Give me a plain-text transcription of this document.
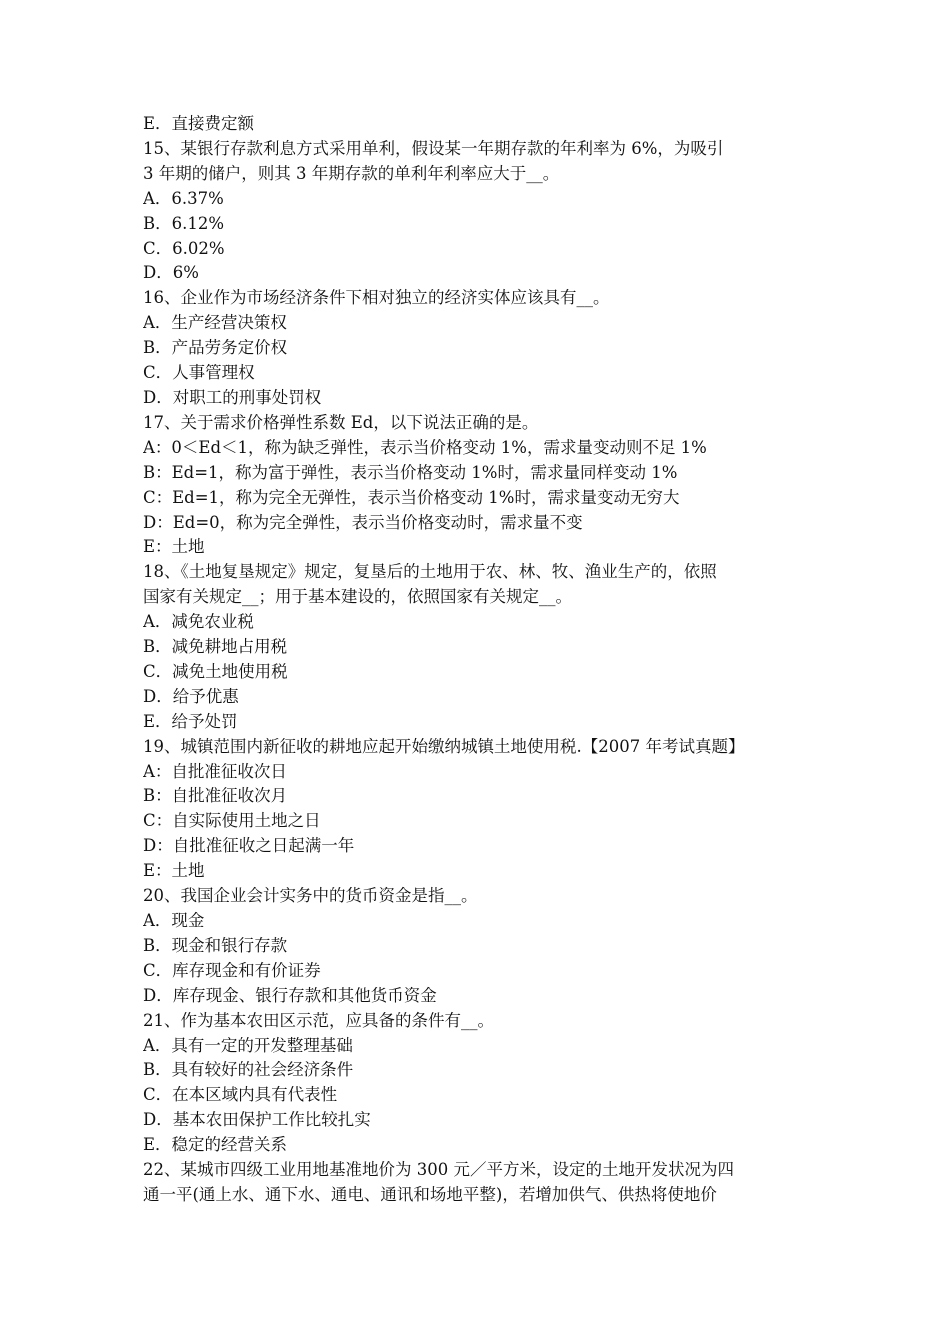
E．直接费定额
15、某银行存款利息方式采用单利，假设某一年期存款的年利率为 6%，为吸引
3 年期的储户，则其 3 年期存款的单利年利率应大于__。
A．6.37%
B．6.12%
C．6.02%
D．6%
16、企业作为市场经济条件下相对独立的经济实体应该具有__。
A．生产经营决策权
B．产品劳务定价权
C．人事管理权
D．对职工的刑事处罚权
17、关于需求价格弹性系数 Ed，以下说法正确的是。
A：0＜Ed＜1，称为缺乏弹性，表示当价格变动 1%，需求量变动则不足 1%
B：Ed=1，称为富于弹性，表示当价格变动 1%时，需求量同样变动 1%
C：Ed=1，称为完全无弹性，表示当价格变动 1%时，需求量变动无穷大
D：Ed=0，称为完全弹性，表示当价格变动时，需求量不变
E：土地
18、《土地复垦规定》规定，复垦后的土地用于农、林、牧、渔业生产的，依照
国家有关规定__；用于基本建设的，依照国家有关规定__。
A．减免农业税
B．减免耕地占用税
C．减免土地使用税
D．给予优惠
E．给予处罚
19、城镇范围内新征收的耕地应起开始缴纳城镇土地使用税.【2007 年考试真题】
A：自批准征收次日
B：自批准征收次月
C：自实际使用土地之日
D：自批准征收之日起满一年
E：土地
20、我国企业会计实务中的货币资金是指__。
A．现金
B．现金和银行存款
C．库存现金和有价证券
D．库存现金、银行存款和其他货币资金
21、作为基本农田区示范，应具备的条件有__。
A．具有一定的开发整理基础
B．具有较好的社会经济条件
C．在本区域内具有代表性
D．基本农田保护工作比较扎实
E．稳定的经营关系
22、某城市四级工业用地基准地价为 300 元／平方米，设定的土地开发状况为四
通一平(通上水、通下水、通电、通讯和场地平整)，若增加供气、供热将使地价
